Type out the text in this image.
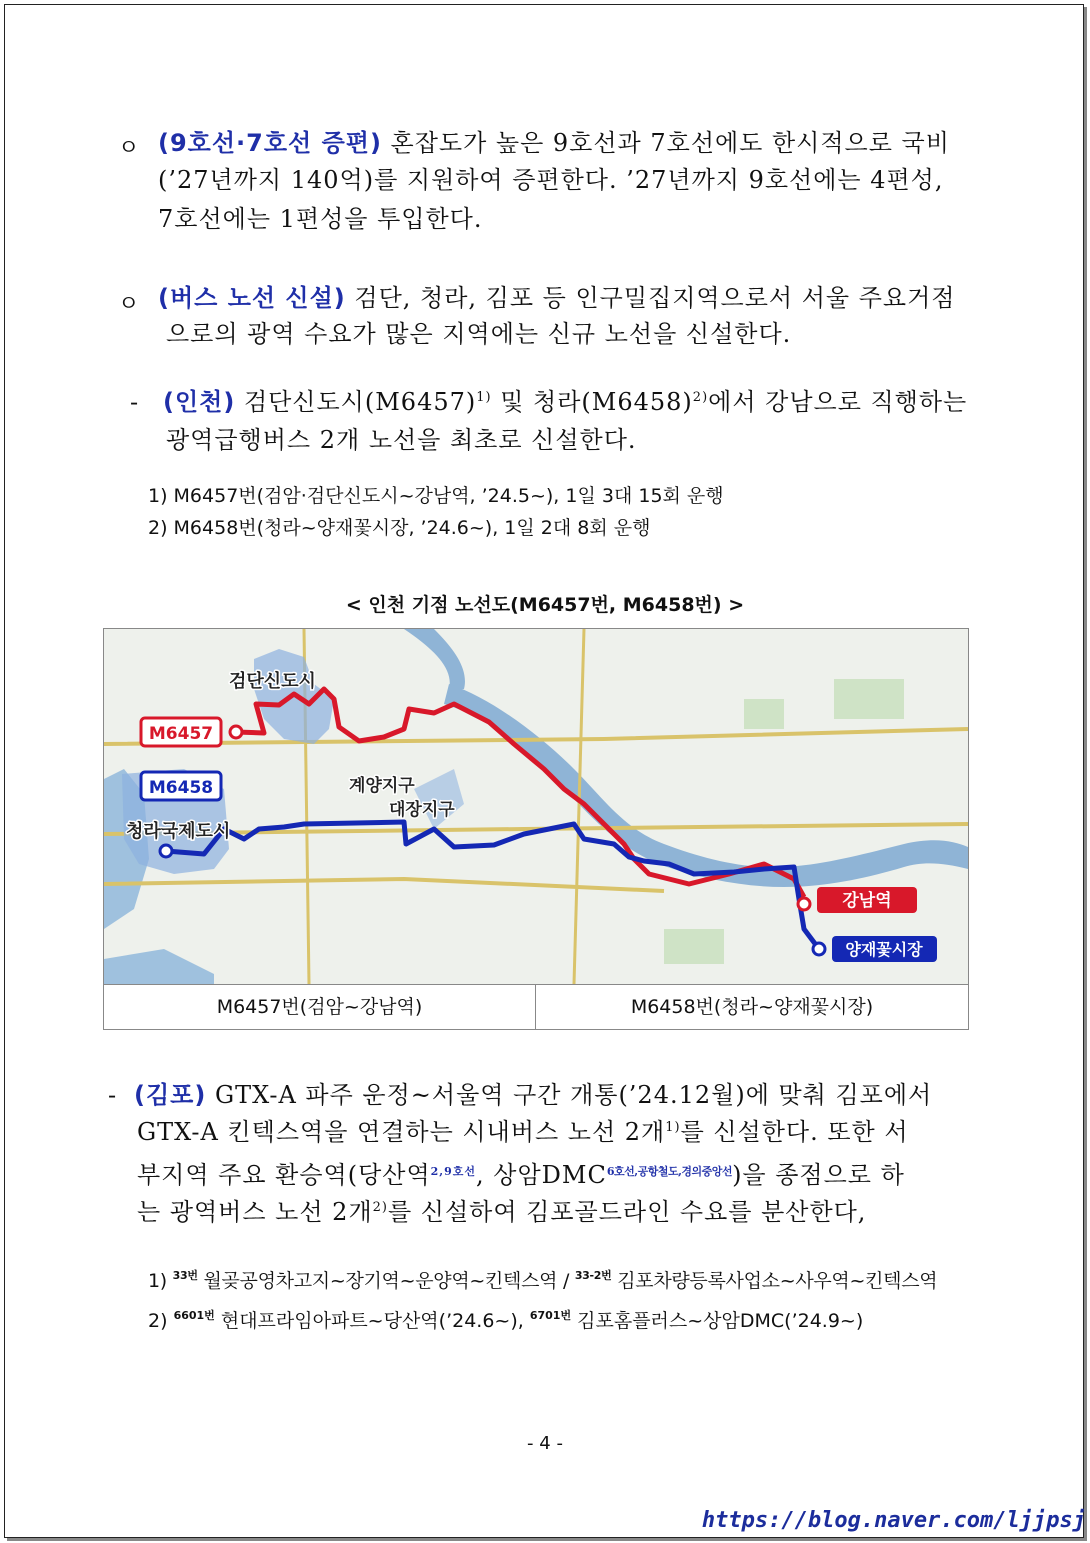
ㅇ (9호선·7호선 증편) 혼잡도가 높은 9호선과 7호선에도 한시적으로 국비
(’27년까지 140억)를 지원하여 증편한다. ’27년까지 9호선에는 4편성,
7호선에는 1편성을 투입한다.
ㅇ (버스 노선 신설) 검단, 청라, 김포 등 인구밀집지역으로서 서울 주요거점
으로의 광역 수요가 많은 지역에는 신규 노선을 신설한다.
- (인천) 검단신도시$(M6457)^{1)}$ 및 청라$(M6458)^{2)}$에서 강남으로 직행하는
광역급행버스 2개 노선을 최초로 신설한다.
1) M6457번(검암·검단신도시~강남역, ’24.5~), 1일 3대 15회 운행
2) M6458번(청라~양재꽃시장, ’24.6~), 1일 2대 8회 운행
< 인천 기점 노선도(M6457번, M6458번) >
M6457
M6458
검단신도시
청라국제도시
계양지구
대장지구
강남역
양재꽃시장
M6457번(검암~강남역)	M6458번(청라~양재꽃시장)
- (김포) GTX-A 파주 운정~서울역 구간 개통(’24.12월)에 맞춰 김포에서
GTX-A 킨텍스역을 연결하는 시내버스 노선 2개$^{1)}$를 신설한다. 또한 서
부지역 주요 환승역(당산역$^{2,9호선}$, 상암$DMC^{6호선,공항철도,경의중앙선}$)을 종점으로 하
는 광역버스 노선 2개$^{2)}$를 신설하여 김포골드라인 수요를 분산한다,
1) $^{33번}$ 월곶공영차고지~장기역~운양역~킨텍스역 / $^{33-2번}$ 김포차량등록사업소~사우역~킨텍스역
2) $^{6601번}$ 현대프라임아파트~당산역(’24.6~), $^{6701번}$ 김포홈플러스~상암DMC(’24.9~)
- 4 -
https://blog.naver.com/ljjpsj
